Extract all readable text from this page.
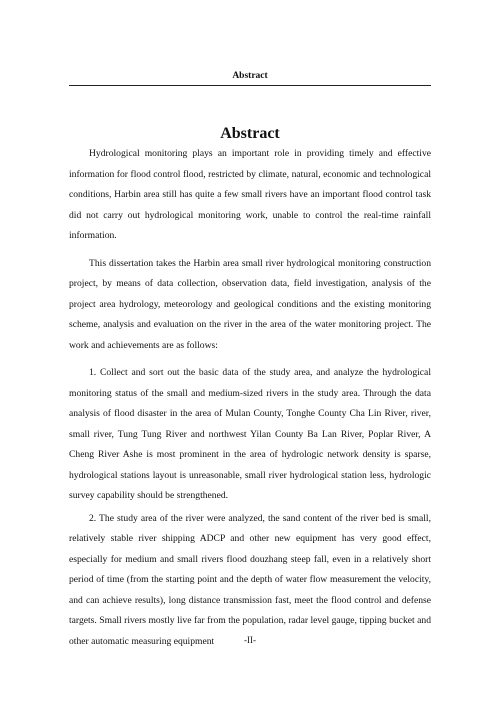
Abstract
Abstract

Hydrological monitoring plays an important role in providing timely and effective information for flood control flood, restricted by climate, natural, economic and technological conditions, Harbin area still has quite a few small rivers have an important flood control task did not carry out hydrological monitoring work, unable to control the real-time rainfall information.

This dissertation takes the Harbin area small river hydrological monitoring construction project, by means of data collection, observation data, field investigation, analysis of the project area hydrology, meteorology and geological conditions and the existing monitoring scheme, analysis and evaluation on the river in the area of the water monitoring project. The work and achievements are as follows:

1. Collect and sort out the basic data of the study area, and analyze the hydrological monitoring status of the small and medium-sized rivers in the study area. Through the data analysis of flood disaster in the area of Mulan County, Tonghe County Cha Lin River, river, small river, Tung Tung River and northwest Yilan County Ba Lan River, Poplar River, A Cheng River Ashe is most prominent in the area of hydrologic network density is sparse, hydrological stations layout is unreasonable, small river hydrological station less, hydrologic survey capability should be strengthened.

2. The study area of the river were analyzed, the sand content of the river bed is small, relatively stable river shipping ADCP and other new equipment has very good effect, especially for medium and small rivers flood douzhang steep fall, even in a relatively short period of time (from the starting point and the depth of water flow measurement the velocity, and can achieve results), long distance transmission fast, meet the flood control and defense targets. Small rivers mostly live far from the population, radar level gauge, tipping bucket and other automatic measuring equipment	-II-
